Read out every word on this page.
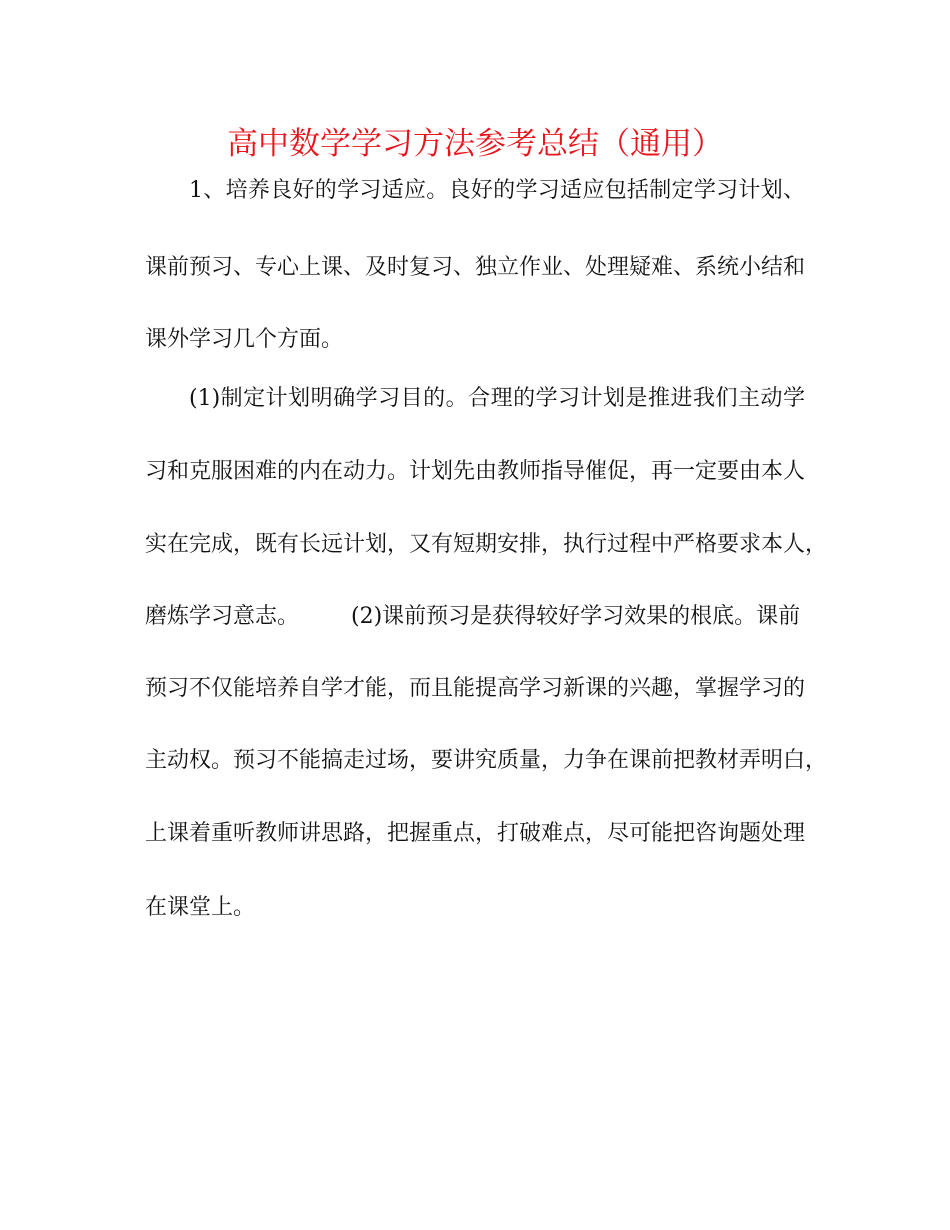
高中数学学习方法参考总结（通用）
1、培养良好的学习适应。良好的学习适应包括制定学习计划、
课前预习、专心上课、及时复习、独立作业、处理疑难、系统小结和
课外学习几个方面。
(1)制定计划明确学习目的。合理的学习计划是推进我们主动学
习和克服困难的内在动力。计划先由教师指导催促，再一定要由本人
实在完成，既有长远计划，又有短期安排，执行过程中严格要求本人，
磨炼学习意志。 (2)课前预习是获得较好学习效果的根底。课前
预习不仅能培养自学才能，而且能提高学习新课的兴趣，掌握学习的
主动权。预习不能搞走过场，要讲究质量，力争在课前把教材弄明白，
上课着重听教师讲思路，把握重点，打破难点，尽可能把咨询题处理
在课堂上。
